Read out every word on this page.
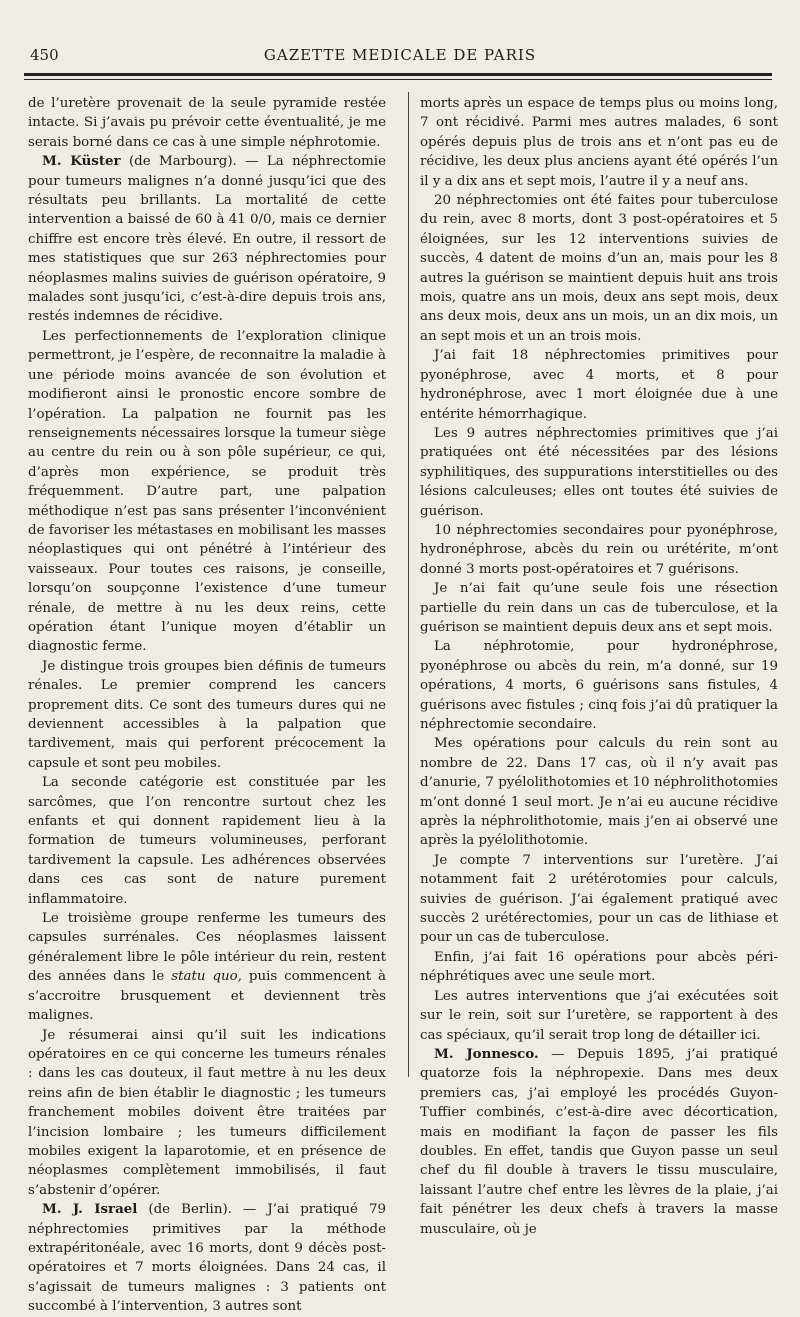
450	GAZETTE MEDICALE DE PARIS

de l’uretère provenait de la seule pyramide restée intacte. Si j’avais pu prévoir cette éventualité, je me serais borné dans ce cas à une simple néphrotomie.

M. Küster (de Marbourg). — La néphrectomie pour tumeurs malignes n’a donné jusqu’ici que des résultats peu brillants. La mortalité de cette intervention a baissé de 60 à 41 0/0, mais ce dernier chiffre est encore très élevé. En outre, il ressort de mes statistiques que sur 263 néphrectomies pour néoplasmes malins suivies de guérison opératoire, 9 malades sont jusqu’ici, c’est-à-dire depuis trois ans, restés indemnes de récidive.

Les perfectionnements de l’exploration clinique permettront, je l’espère, de reconnaitre la maladie à une période moins avancée de son évolution et modifieront ainsi le pronostic encore sombre de l’opération. La palpation ne fournit pas les renseignements nécessaires lorsque la tumeur siège au centre du rein ou à son pôle supérieur, ce qui, d’après mon expérience, se produit très fréquemment. D’autre part, une palpation méthodique n’est pas sans présenter l’inconvénient de favoriser les métastases en mobilisant les masses néoplastiques qui ont pénétré à l’intérieur des vaisseaux. Pour toutes ces raisons, je conseille, lorsqu’on soupçonne l’existence d’une tumeur rénale, de mettre à nu les deux reins, cette opération étant l’unique moyen d’établir un diagnostic ferme.

Je distingue trois groupes bien définis de tumeurs rénales. Le premier comprend les cancers proprement dits. Ce sont des tumeurs dures qui ne deviennent accessibles à la palpation que tardivement, mais qui perforent précocement la capsule et sont peu mobiles.

La seconde catégorie est constituée par les sarcômes, que l’on rencontre surtout chez les enfants et qui donnent rapidement lieu à la formation de tumeurs volumineuses, perforant tardivement la capsule. Les adhérences observées dans ces cas sont de nature purement inflammatoire.

Le troisième groupe renferme les tumeurs des capsules surrénales. Ces néoplasmes laissent généralement libre le pôle intérieur du rein, restent des années dans le statu quo, puis commencent à s’accroitre brusquement et deviennent très malignes.

Je résumerai ainsi qu’il suit les indications opératoires en ce qui concerne les tumeurs rénales : dans les cas douteux, il faut mettre à nu les deux reins afin de bien établir le diagnostic ; les tumeurs franchement mobiles doivent être traitées par l’incision lombaire ; les tumeurs difficilement mobiles exigent la laparotomie, et en présence de néoplasmes complètement immobilisés, il faut s’abstenir d’opérer.

M. J. Israel (de Berlin). — J’ai pratiqué 79 néphrectomies primitives par la méthode extrapéritonéale, avec 16 morts, dont 9 décès post-opératoires et 7 morts éloignées. Dans 24 cas, il s’agissait de tumeurs malignes : 3 patients ont succombé à l’intervention, 3 autres sont

morts après un espace de temps plus ou moins long, 7 ont récidivé. Parmi mes autres malades, 6 sont opérés depuis plus de trois ans et n’ont pas eu de récidive, les deux plus anciens ayant été opérés l’un il y a dix ans et sept mois, l’autre il y a neuf ans.

20 néphrectomies ont été faites pour tuberculose du rein, avec 8 morts, dont 3 post-opératoires et 5 éloignées, sur les 12 interventions suivies de succès, 4 datent de moins d’un an, mais pour les 8 autres la guérison se maintient depuis huit ans trois mois, quatre ans un mois, deux ans sept mois, deux ans deux mois, deux ans un mois, un an dix mois, un an sept mois et un an trois mois.

J’ai fait 18 néphrectomies primitives pour pyonéphrose, avec 4 morts, et 8 pour hydronéphrose, avec 1 mort éloignée due à une entérite hémorrhagique.

Les 9 autres néphrectomies primitives que j’ai pratiquées ont été nécessitées par des lésions syphilitiques, des suppurations interstitielles ou des lésions calculeuses; elles ont toutes été suivies de guérison.

10 néphrectomies secondaires pour pyonéphrose, hydronéphrose, abcès du rein ou urétérite, m’ont donné 3 morts post-opératoires et 7 guérisons.

Je n’ai fait qu’une seule fois une résection partielle du rein dans un cas de tuberculose, et la guérison se maintient depuis deux ans et sept mois.

La néphrotomie, pour hydronéphrose, pyonéphrose ou abcès du rein, m’a donné, sur 19 opérations, 4 morts, 6 guérisons sans fistules, 4 guérisons avec fistules ; cinq fois j’ai dû pratiquer la néphrectomie secondaire.

Mes opérations pour calculs du rein sont au nombre de 22. Dans 17 cas, où il n’y avait pas d’anurie, 7 pyélolithotomies et 10 néphrolithotomies m’ont donné 1 seul mort. Je n’ai eu aucune récidive après la néphrolithotomie, mais j’en ai observé une après la pyélolithotomie.

Je compte 7 interventions sur l’uretère. J’ai notamment fait 2 urétérotomies pour calculs, suivies de guérison. J’ai également pratiqué avec succès 2 urétérectomies, pour un cas de lithiase et pour un cas de tuberculose.

Enfin, j’ai fait 16 opérations pour abcès péri-néphrétiques avec une seule mort.

Les autres interventions que j’ai exécutées soit sur le rein, soit sur l’uretère, se rapportent à des cas spéciaux, qu’il serait trop long de détailler ici.

M. Jonnesco. — Depuis 1895, j’ai pratiqué quatorze fois la néphropexie. Dans mes deux premiers cas, j’ai employé les procédés Guyon-Tuffier combinés, c’est-à-dire avec décortication, mais en modifiant la façon de passer les fils doubles. En effet, tandis que Guyon passe un seul chef du fil double à travers le tissu musculaire, laissant l’autre chef entre les lèvres de la plaie, j’ai fait pénétrer les deux chefs à travers la masse musculaire, où je
